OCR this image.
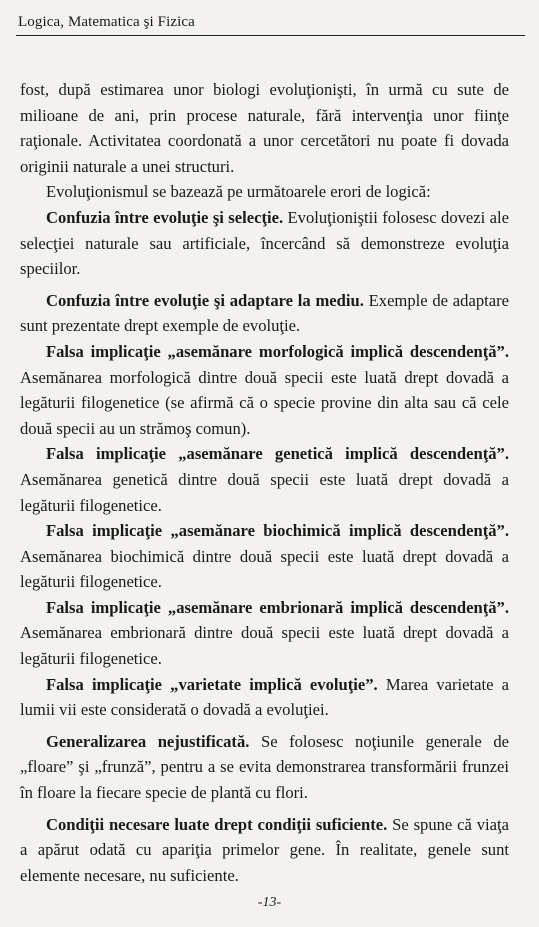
Logica, Matematica şi Fizica

fost, după estimarea unor biologi evoluţionişti, în urmă cu sute de milioane de ani, prin procese naturale, fără intervenţia unor fiinţe raţionale. Activitatea coordonată a unor cercetători nu poate fi dovada originii naturale a unei structuri.

Evoluţionismul se bazează pe următoarele erori de logică:

Confuzia între evoluţie şi selecţie. Evoluţioniştii folosesc dovezi ale selecţiei naturale sau artificiale, încercând să demonstreze evoluţia speciilor.

Confuzia între evoluţie şi adaptare la mediu. Exemple de adaptare sunt prezentate drept exemple de evoluţie.

Falsa implicaţie „asemănare morfologică implică descendenţă”. Asemănarea morfologică dintre două specii este luată drept dovadă a legăturii filogenetice (se afirmă că o specie provine din alta sau că cele două specii au un strămoş comun).

Falsa implicaţie „asemănare genetică implică descendenţă”. Asemănarea genetică dintre două specii este luată drept dovadă a legăturii filogenetice.

Falsa implicaţie „asemănare biochimică implică descendenţă”. Asemănarea biochimică dintre două specii este luată drept dovadă a legăturii filogenetice.

Falsa implicaţie „asemănare embrionară implică descendenţă”. Asemănarea embrionară dintre două specii este luată drept dovadă a legăturii filogenetice.

Falsa implicaţie „varietate implică evoluţie”. Marea varietate a lumii vii este considerată o dovadă a evoluţiei.

Generalizarea nejustificată. Se folosesc noţiunile generale de „floare” şi „frunză”, pentru a se evita demonstrarea transformării frunzei în floare la fiecare specie de plantă cu flori.

Condiţii necesare luate drept condiţii suficiente. Se spune că viaţa a apărut odată cu apariţia primelor gene. În realitate, genele sunt elemente necesare, nu suficiente.

-13-
